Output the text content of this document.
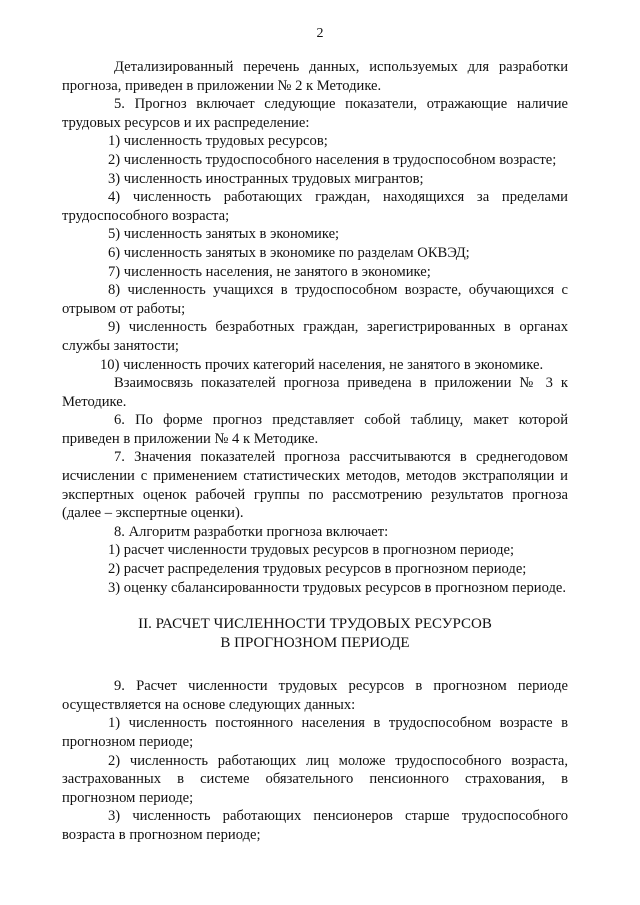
2

Детализированный перечень данных, используемых для разработки прогноза, приведен в приложении № 2 к Методике.

5. Прогноз включает следующие показатели, отражающие наличие трудовых ресурсов и их распределение:

1) численность трудовых ресурсов;

2) численность трудоспособного населения в трудоспособном возрасте;

3) численность иностранных трудовых мигрантов;

4) численность работающих граждан, находящихся за пределами трудоспособного возраста;

5) численность занятых в экономике;

6) численность занятых в экономике по разделам ОКВЭД;

7) численность населения, не занятого в экономике;

8) численность учащихся в трудоспособном возрасте, обучающихся с отрывом от работы;

9) численность безработных граждан, зарегистрированных в органах службы занятости;

10) численность прочих категорий населения, не занятого в экономике.

Взаимосвязь показателей прогноза приведена в приложении № 3 к Методике.

6. По форме прогноз представляет собой таблицу, макет которой приведен в приложении № 4 к Методике.

7. Значения показателей прогноза рассчитываются в среднегодовом исчислении с применением статистических методов, методов экстраполяции и экспертных оценок рабочей группы по рассмотрению результатов прогноза (далее – экспертные оценки).

8. Алгоритм разработки прогноза включает:

1) расчет численности трудовых ресурсов в прогнозном периоде;

2) расчет распределения трудовых ресурсов в прогнозном периоде;

3) оценку сбалансированности трудовых ресурсов в прогнозном периоде.

II. РАСЧЕТ ЧИСЛЕННОСТИ ТРУДОВЫХ РЕСУРСОВ
В ПРОГНОЗНОМ ПЕРИОДЕ

9. Расчет численности трудовых ресурсов в прогнозном периоде осуществляется на основе следующих данных:

1) численность постоянного населения в трудоспособном возрасте в прогнозном периоде;

2) численность работающих лиц моложе трудоспособного возраста, застрахованных в системе обязательного пенсионного страхования, в прогнозном периоде;

3) численность работающих пенсионеров старше трудоспособного возраста в прогнозном периоде;
